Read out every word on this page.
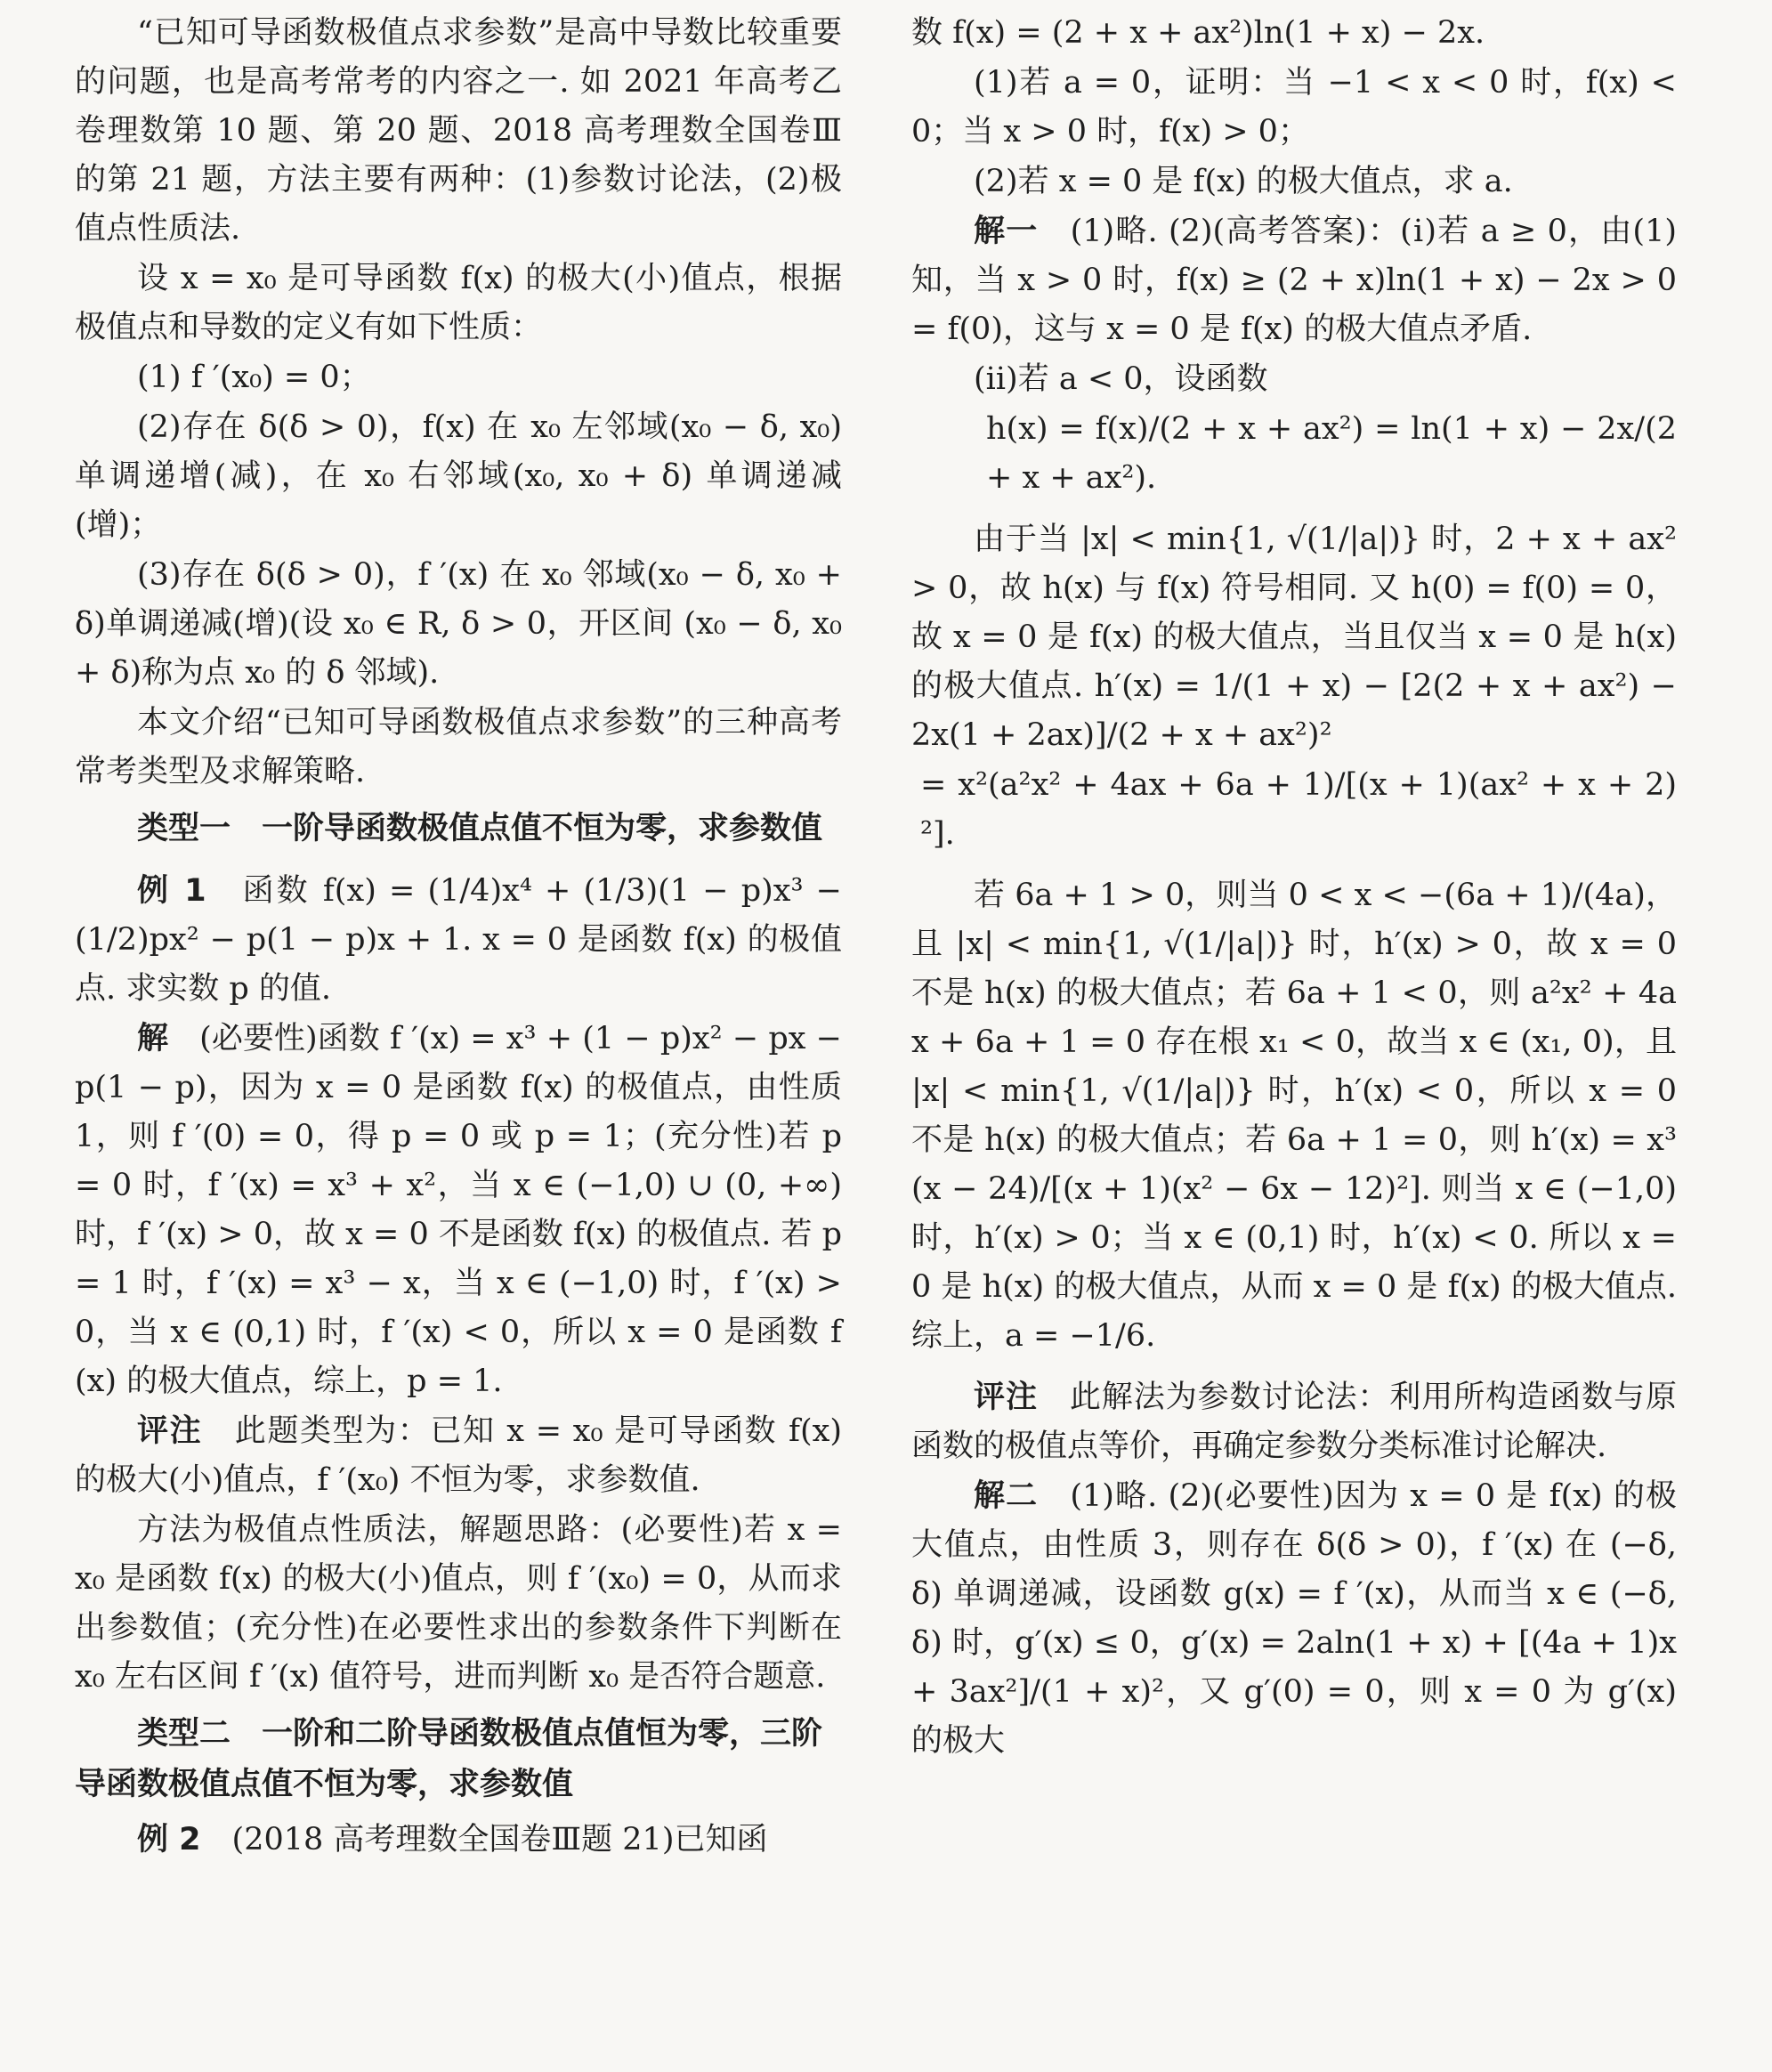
“已知可导函数极值点求参数”是高中导数比较重要的问题，也是高考常考的内容之一. 如 2021 年高考乙卷理数第 10 题、第 20 题、2018 高考理数全国卷Ⅲ的第 21 题，方法主要有两种：(1)参数讨论法，(2)极值点性质法.

设 x = x₀ 是可导函数 f(x) 的极大(小)值点，根据极值点和导数的定义有如下性质：

(1) f ′(x₀) = 0；

(2)存在 δ(δ > 0)，f(x) 在 x₀ 左邻域(x₀ − δ, x₀) 单调递增(减)，在 x₀ 右邻域(x₀, x₀ + δ) 单调递减(增)；

(3)存在 δ(δ > 0)，f ′(x) 在 x₀ 邻域(x₀ − δ, x₀ + δ)单调递减(增)(设 x₀ ∈ R, δ > 0，开区间 (x₀ − δ, x₀ + δ)称为点 x₀ 的 δ 邻域).

本文介绍“已知可导函数极值点求参数”的三种高考常考类型及求解策略.

类型一　一阶导函数极值点值不恒为零，求参数值

例 1　函数 f(x) = (1/4)x⁴ + (1/3)(1 − p)x³ − (1/2)px² − p(1 − p)x + 1. x = 0 是函数 f(x) 的极值点. 求实数 p 的值.

解　(必要性)函数 f ′(x) = x³ + (1 − p)x² − px − p(1 − p)，因为 x = 0 是函数 f(x) 的极值点，由性质 1，则 f ′(0) = 0，得 p = 0 或 p = 1；(充分性)若 p = 0 时，f ′(x) = x³ + x²，当 x ∈ (−1,0) ∪ (0, +∞) 时，f ′(x) > 0，故 x = 0 不是函数 f(x) 的极值点. 若 p = 1 时，f ′(x) = x³ − x，当 x ∈ (−1,0) 时，f ′(x) > 0，当 x ∈ (0,1) 时，f ′(x) < 0，所以 x = 0 是函数 f(x) 的极大值点，综上，p = 1.

评注　此题类型为：已知 x = x₀ 是可导函数 f(x) 的极大(小)值点，f ′(x₀) 不恒为零，求参数值.

方法为极值点性质法，解题思路：(必要性)若 x = x₀ 是函数 f(x) 的极大(小)值点，则 f ′(x₀) = 0，从而求出参数值；(充分性)在必要性求出的参数条件下判断在 x₀ 左右区间 f ′(x) 值符号，进而判断 x₀ 是否符合题意.

类型二　一阶和二阶导函数极值点值恒为零，三阶导函数极值点值不恒为零，求参数值

例 2　(2018 高考理数全国卷Ⅲ题 21)已知函

数 f(x) = (2 + x + ax²)ln(1 + x) − 2x.

(1)若 a = 0，证明：当 −1 < x < 0 时，f(x) < 0；当 x > 0 时，f(x) > 0；

(2)若 x = 0 是 f(x) 的极大值点，求 a.

解一　(1)略. (2)(高考答案)：(ⅰ)若 a ≥ 0，由(1)知，当 x > 0 时，f(x) ≥ (2 + x)ln(1 + x) − 2x > 0 = f(0)，这与 x = 0 是 f(x) 的极大值点矛盾.

(ⅱ)若 a < 0，设函数

h(x) = f(x)/(2 + x + ax²) = ln(1 + x) − 2x/(2 + x + ax²).

由于当 |x| < min{1, √(1/|a|)} 时，2 + x + ax² > 0，故 h(x) 与 f(x) 符号相同. 又 h(0) = f(0) = 0，故 x = 0 是 f(x) 的极大值点，当且仅当 x = 0 是 h(x) 的极大值点. h′(x) = 1/(1 + x) − [2(2 + x + ax²) − 2x(1 + 2ax)]/(2 + x + ax²)²

= x²(a²x² + 4ax + 6a + 1)/[(x + 1)(ax² + x + 2)²].

若 6a + 1 > 0，则当 0 < x < −(6a + 1)/(4a)，且 |x| < min{1, √(1/|a|)} 时，h′(x) > 0，故 x = 0 不是 h(x) 的极大值点；若 6a + 1 < 0，则 a²x² + 4ax + 6a + 1 = 0 存在根 x₁ < 0，故当 x ∈ (x₁, 0)，且 |x| < min{1, √(1/|a|)} 时，h′(x) < 0，所以 x = 0 不是 h(x) 的极大值点；若 6a + 1 = 0，则 h′(x) = x³(x − 24)/[(x + 1)(x² − 6x − 12)²]. 则当 x ∈ (−1,0) 时，h′(x) > 0；当 x ∈ (0,1) 时，h′(x) < 0. 所以 x = 0 是 h(x) 的极大值点，从而 x = 0 是 f(x) 的极大值点. 综上，a = −1/6.

评注　此解法为参数讨论法：利用所构造函数与原函数的极值点等价，再确定参数分类标准讨论解决.

解二　(1)略. (2)(必要性)因为 x = 0 是 f(x) 的极大值点，由性质 3，则存在 δ(δ > 0)，f ′(x) 在 (−δ, δ) 单调递减，设函数 g(x) = f ′(x)，从而当 x ∈ (−δ, δ) 时，g′(x) ≤ 0，g′(x) = 2aln(1 + x) + [(4a + 1)x + 3ax²]/(1 + x)²，又 g′(0) = 0，则 x = 0 为 g′(x) 的极大
